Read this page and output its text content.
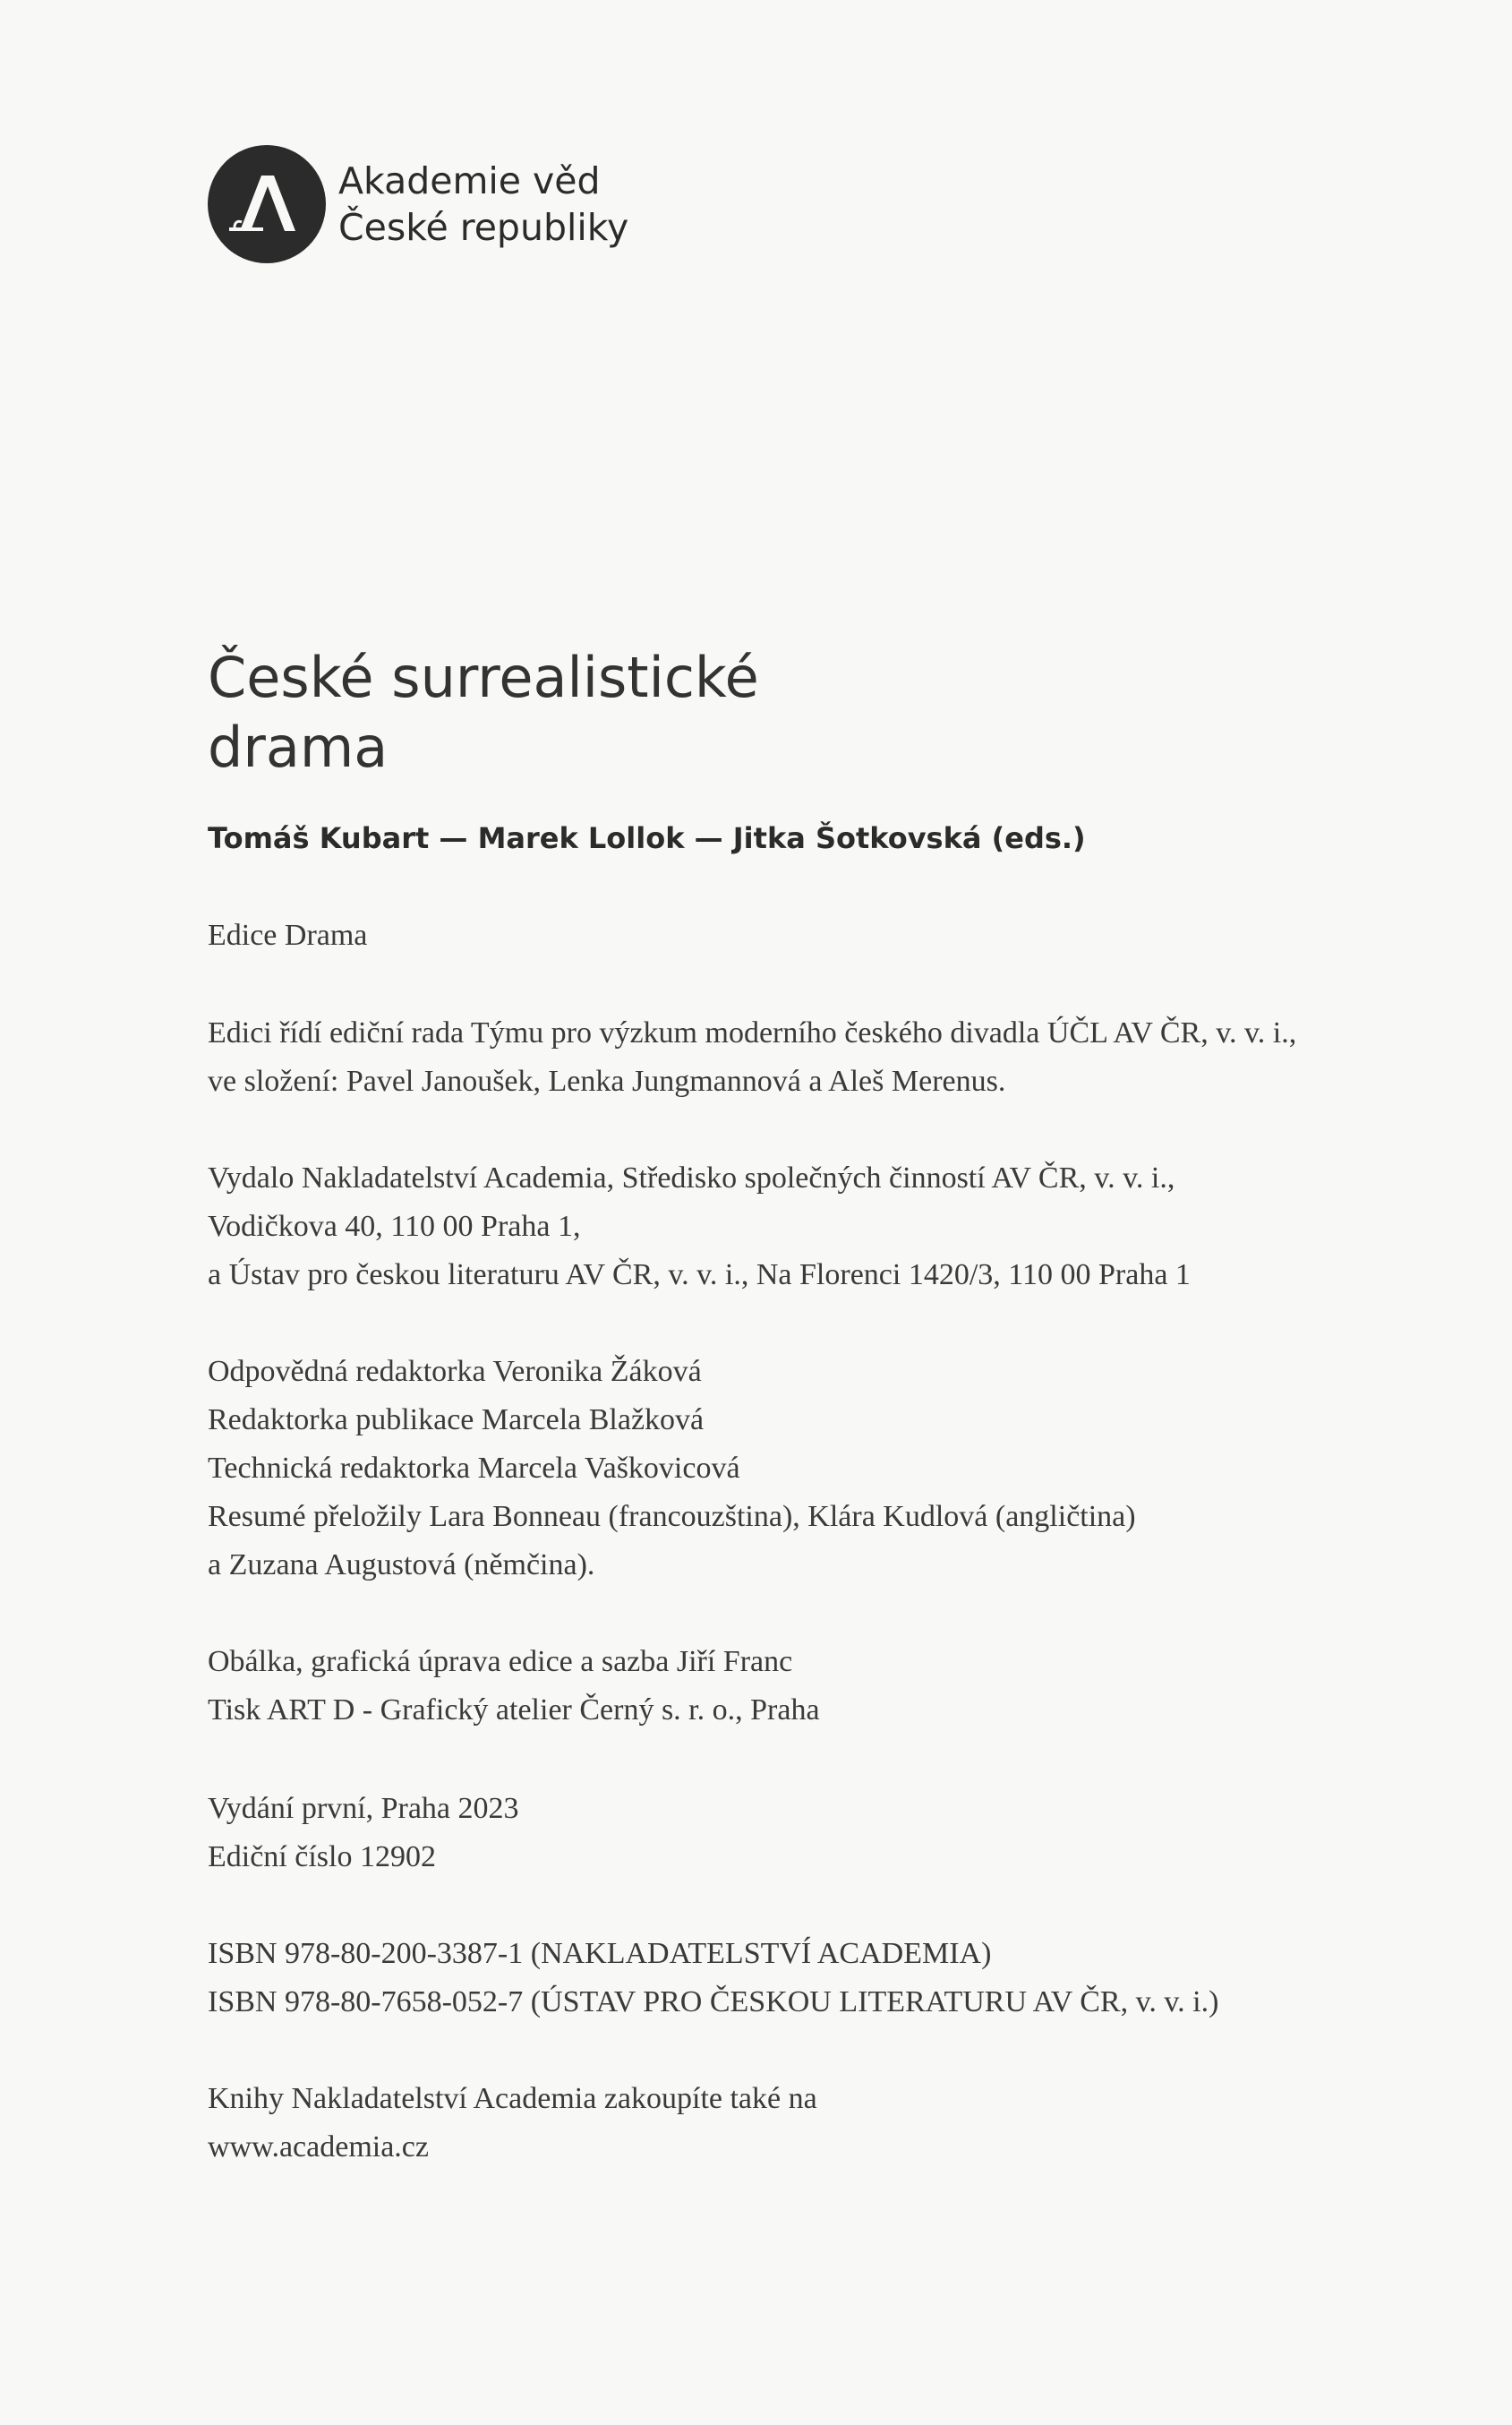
Akademie věd
České republiky
České surrealistické
drama
Tomáš Kubart — Marek Lollok — Jitka Šotkovská (eds.)
Edice Drama
Edici řídí ediční rada Týmu pro výzkum moderního českého divadla ÚČL AV ČR, v. v. i.,
ve složení: Pavel Janoušek, Lenka Jungmannová a Aleš Merenus.
Vydalo Nakladatelství Academia, Středisko společných činností AV ČR, v. v. i.,
Vodičkova 40, 110 00 Praha 1,
a Ústav pro českou literaturu AV ČR, v. v. i., Na Florenci 1420/3, 110 00 Praha 1
Odpovědná redaktorka Veronika Žáková
Redaktorka publikace Marcela Blažková
Technická redaktorka Marcela Vaškovicová
Resumé přeložily Lara Bonneau (francouzština), Klára Kudlová (angličtina)
a Zuzana Augustová (němčina).
Obálka, grafická úprava edice a sazba Jiří Franc
Tisk ART D - Grafický atelier Černý s. r. o., Praha
Vydání první, Praha 2023
Ediční číslo 12902
ISBN 978-80-200-3387-1 (NAKLADATELSTVÍ ACADEMIA)
ISBN 978-80-7658-052-7 (ÚSTAV PRO ČESKOU LITERATURU AV ČR, v. v. i.)
Knihy Nakladatelství Academia zakoupíte také na
www.academia.cz
